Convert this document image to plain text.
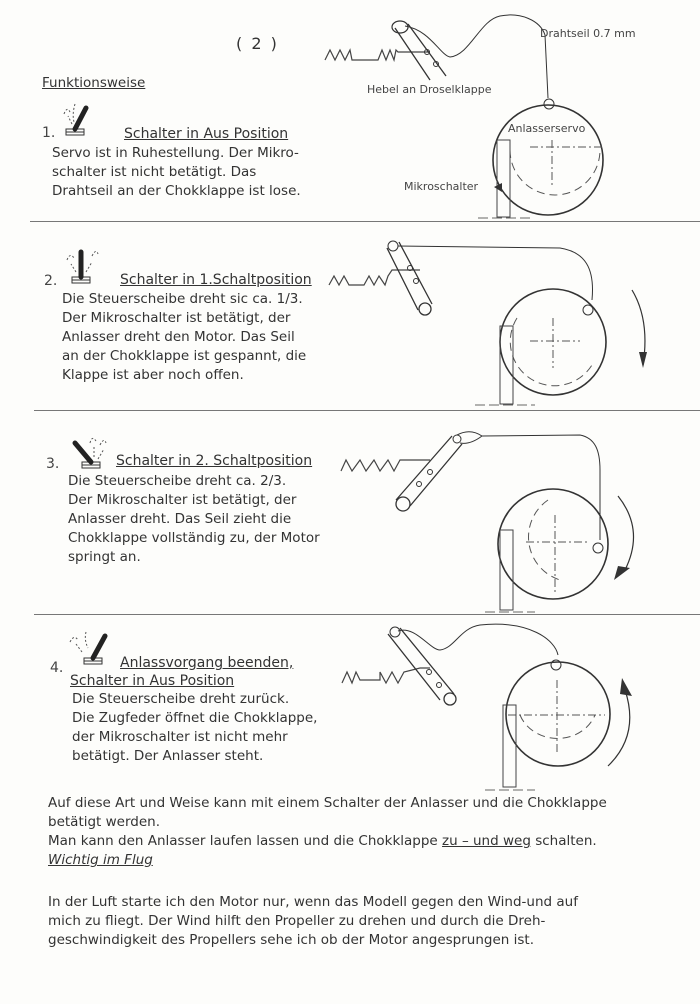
( 2 )
Funktionsweise
Drahtseil 0.7 mm
Hebel an Droselklappe
Anlasserservo
Mikroschalter
1.	Schalter in Aus Position
Servo ist in Ruhestellung. Der Mikro-
schalter ist nicht betätigt. Das
Drahtseil an der Chokklappe ist lose.
2.	Schalter in 1.Schaltposition
Die Steuerscheibe dreht sic ca. 1/3.
Der Mikroschalter ist betätigt, der
Anlasser dreht den Motor. Das Seil
an der Chokklappe ist gespannt, die
Klappe ist aber noch offen.
3.	Schalter in 2. Schaltposition
Die Steuerscheibe dreht ca. 2/3.
Der Mikroschalter ist betätigt, der
Anlasser dreht. Das Seil zieht die
Chokklappe vollständig zu, der Motor
springt an.
4.	Anlassvorgang beenden,
Schalter in Aus Position
Die Steuerscheibe dreht zurück.
Die Zugfeder öffnet die Chokklappe,
der Mikroschalter ist nicht mehr
betätigt. Der Anlasser steht.
Auf diese Art und Weise kann mit einem Schalter der Anlasser und die Chokklappe
betätigt werden.
Man kann den Anlasser laufen lassen und die Chokklappe zu – und weg schalten.
Wichtig im Flug
In der Luft starte ich den Motor nur, wenn das Modell gegen den Wind-und auf
mich zu fliegt. Der Wind hilft den Propeller zu drehen und durch die Dreh-
geschwindigkeit des Propellers sehe ich ob der Motor angesprungen ist.
